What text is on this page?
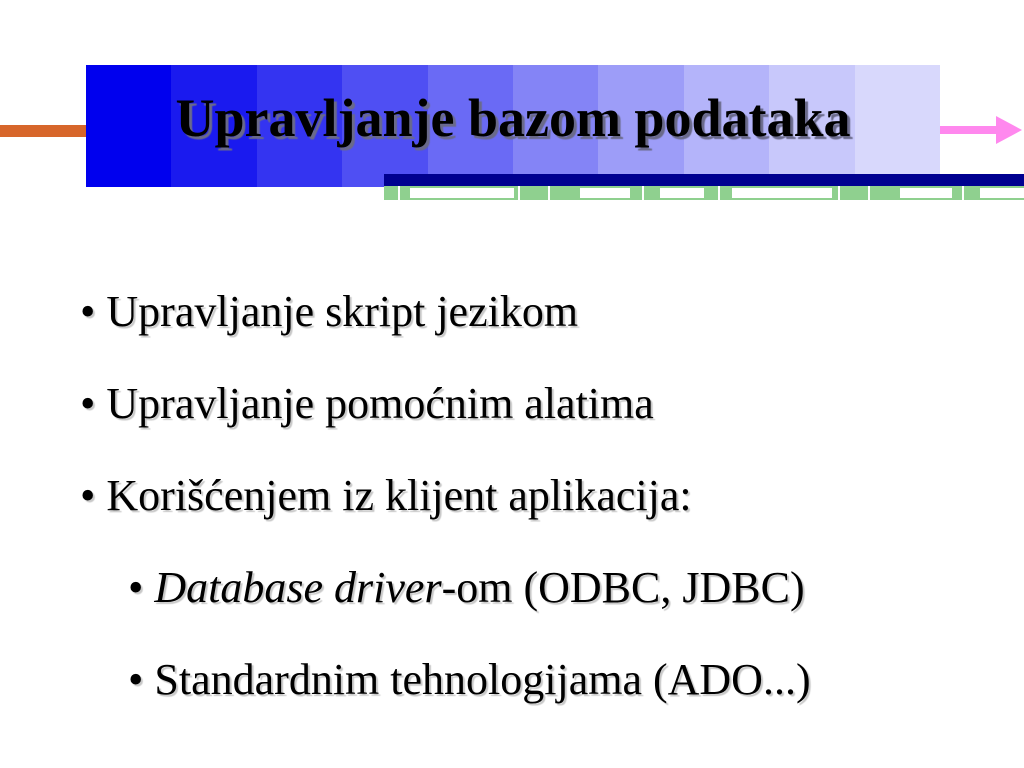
Upravljanje bazom podataka
• Upravljanje skript jezikom
• Upravljanje pomoćnim alatima
• Korišćenjem iz klijent aplikacija:
• Database driver-om (ODBC, JDBC)
• Standardnim tehnologijama (ADO...)
